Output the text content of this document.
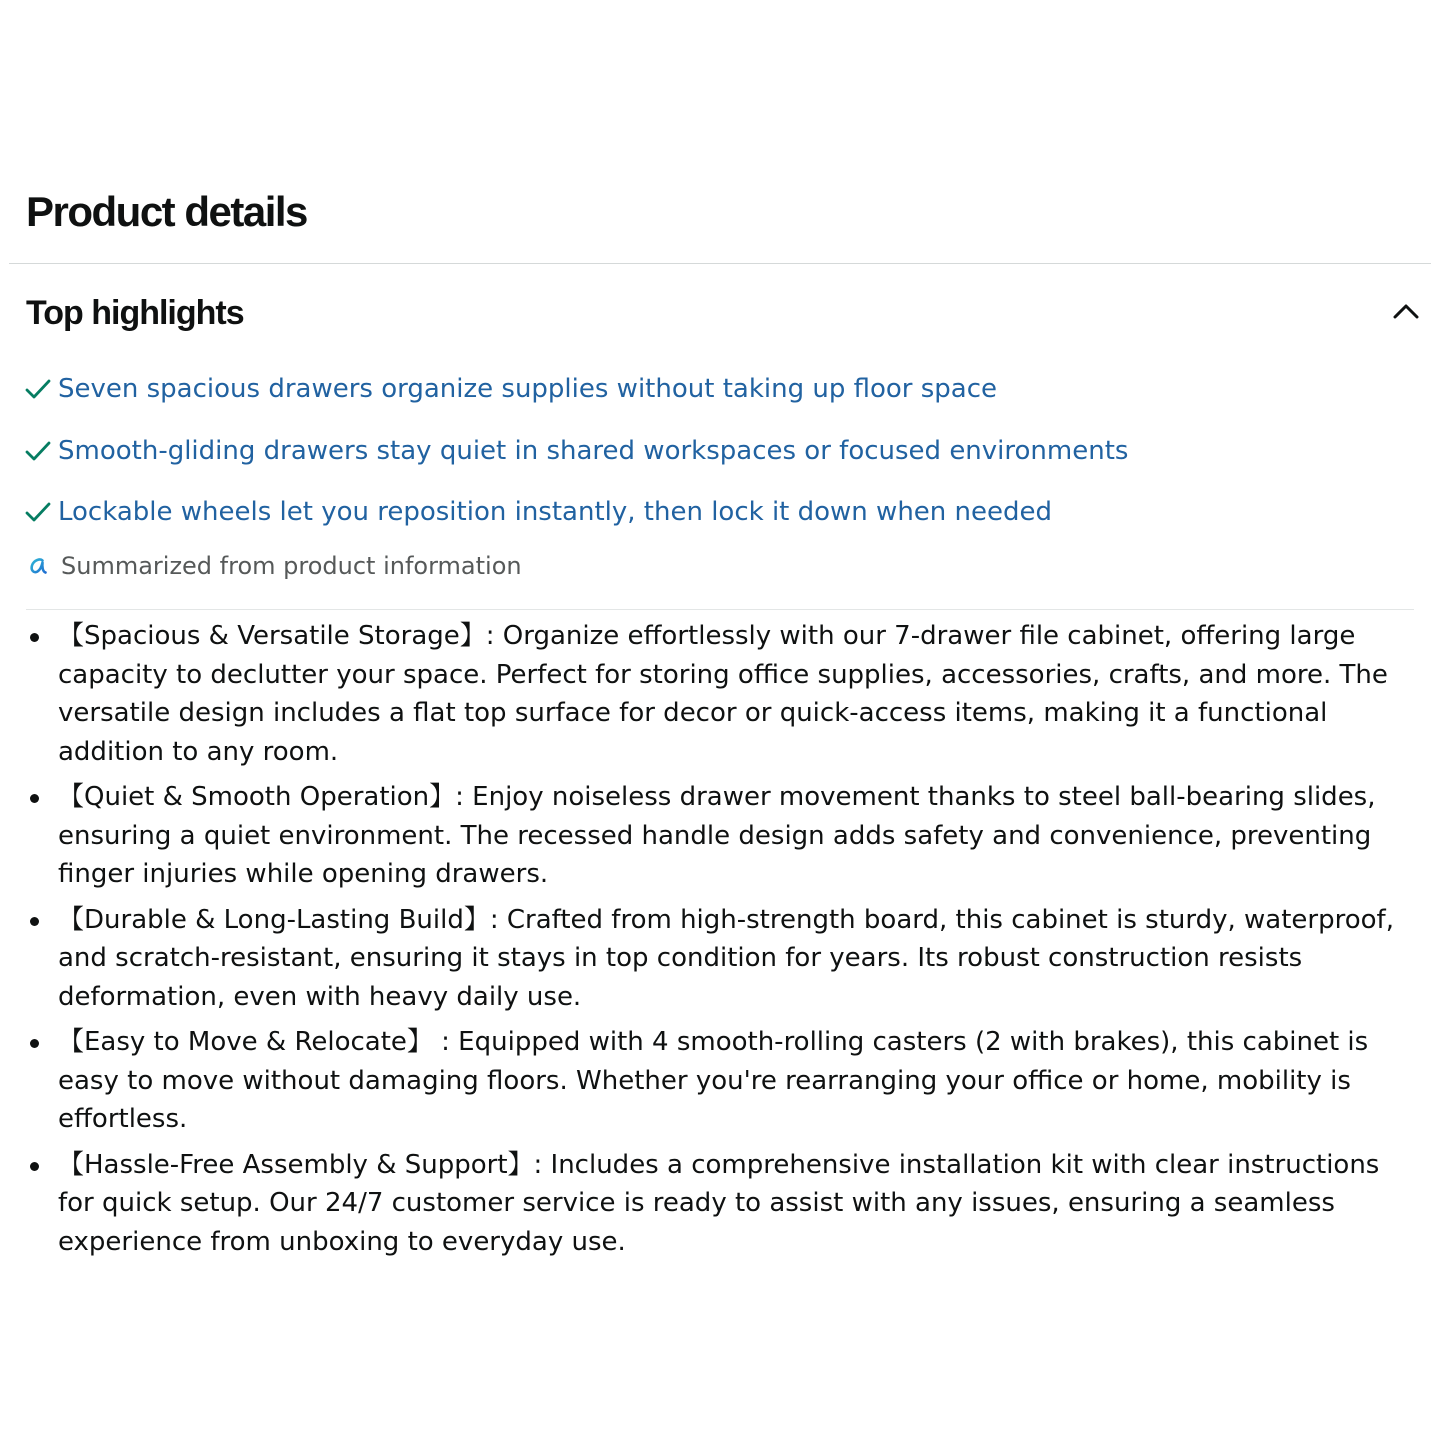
Product details
Top highlights
Seven spacious drawers organize supplies without taking up floor space
Smooth-gliding drawers stay quiet in shared workspaces or focused environments
Lockable wheels let you reposition instantly, then lock it down when needed
Summarized from product information
【Spacious & Versatile Storage】: Organize effortlessly with our 7-drawer file cabinet, offering large capacity to declutter your space. Perfect for storing office supplies, accessories, crafts, and more. The versatile design includes a flat top surface for decor or quick-access items, making it a functional addition to any room.
【Quiet & Smooth Operation】: Enjoy noiseless drawer movement thanks to steel ball-bearing slides, ensuring a quiet environment. The recessed handle design adds safety and convenience, preventing finger injuries while opening drawers.
【Durable & Long-Lasting Build】: Crafted from high-strength board, this cabinet is sturdy, waterproof, and scratch-resistant, ensuring it stays in top condition for years. Its robust construction resists deformation, even with heavy daily use.
【Easy to Move & Relocate】 : Equipped with 4 smooth-rolling casters (2 with brakes), this cabinet is easy to move without damaging floors. Whether you're rearranging your office or home, mobility is effortless.
【Hassle-Free Assembly & Support】: Includes a comprehensive installation kit with clear instructions for quick setup. Our 24/7 customer service is ready to assist with any issues, ensuring a seamless experience from unboxing to everyday use.
